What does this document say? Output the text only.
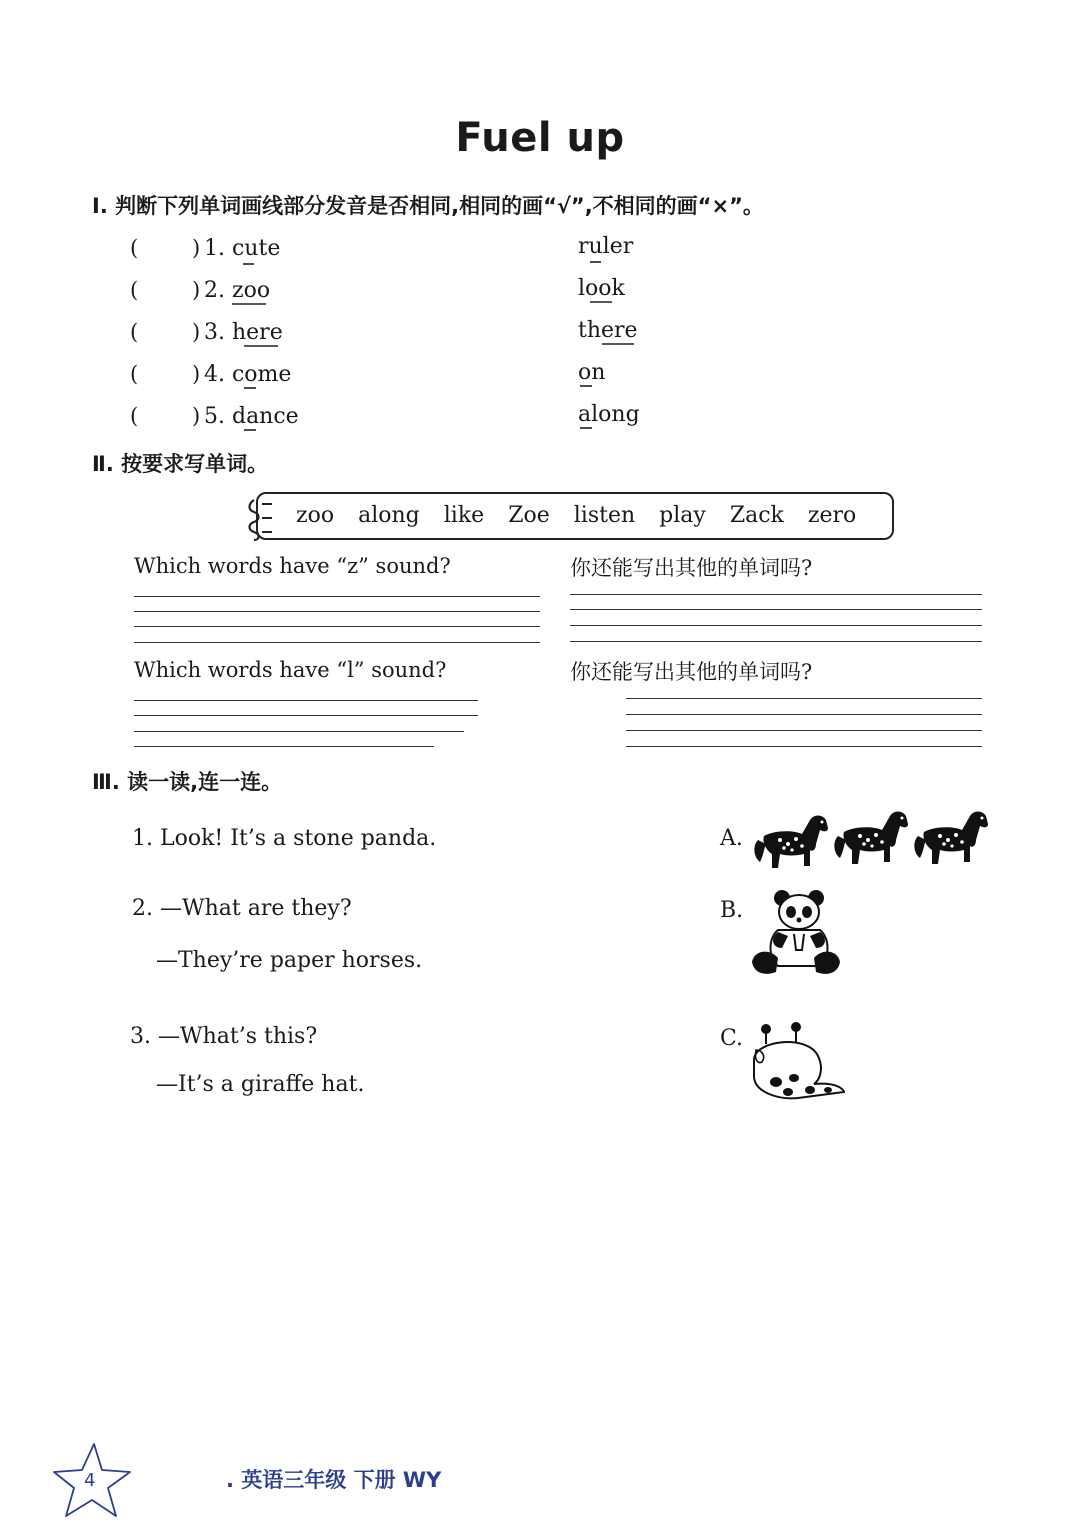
Fuel up
Ⅰ. 判断下列单词画线部分发音是否相同,相同的画“√”,不相同的画“×”。
(	) 1. cute	ruler
(	) 2. zoo	look
(	) 3. here	there
(	) 4. come	on
(	) 5. dance	along
Ⅱ. 按要求写单词。
zoo along like Zoe listen play Zack zero
Which words have “z” sound?	你还能写出其他的单词吗?
Which words have “l” sound?	你还能写出其他的单词吗?
Ⅲ. 读一读,连一连。
1. Look! It’s a stone panda.
2. —What are they?
—They’re paper horses.
3. —What’s this?
—It’s a giraffe hat.
A.
B.
C.
4	. 英语三年级 下册 WY
